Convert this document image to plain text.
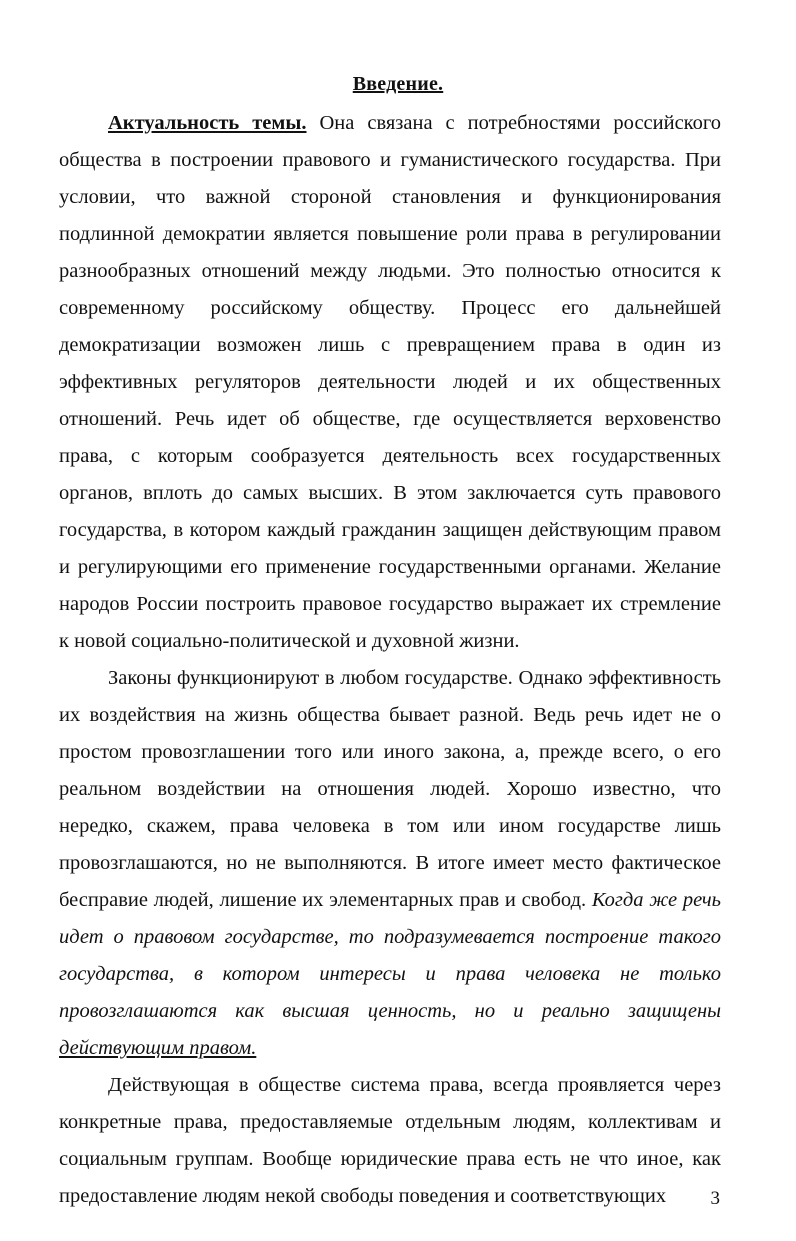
Введение.

Актуальность темы. Она связана с потребностями российского общества в построении правового и гуманистического государства. При условии, что важной стороной становления и функционирования подлинной демократии является повышение роли права в регулировании разнообразных отношений между людьми. Это полностью относится к современному российскому обществу. Процесс его дальнейшей демократизации возможен лишь с превращением права в один из эффективных регуляторов деятельности людей и их общественных отношений. Речь идет об обществе, где осуществляется верховенство права, с которым сообразуется деятельность всех государственных органов, вплоть до самых высших. В этом заключается суть правового государства, в котором каждый гражданин защищен действующим правом и регулирующими его применение государственными органами. Желание народов России построить правовое государство выражает их стремление к новой социально-политической и духовной жизни.

Законы функционируют в любом государстве. Однако эффективность их воздействия на жизнь общества бывает разной. Ведь речь идет не о простом провозглашении того или иного закона, а, прежде всего, о его реальном воздействии на отношения людей. Хорошо известно, что нередко, скажем, права человека в том или ином государстве лишь провозглашаются, но не выполняются. В итоге имеет место фактическое бесправие людей, лишение их элементарных прав и свобод. Когда же речь идет о правовом государстве, то подразумевается построение такого государства, в котором интересы и права человека не только провозглашаются как высшая ценность, но и реально защищены действующим правом.

Действующая в обществе система права, всегда проявляется через конкретные права, предоставляемые отдельным людям, коллективам и социальным группам. Вообще юридические права есть не что иное, как предоставление людям некой свободы поведения и соответствующих	3
